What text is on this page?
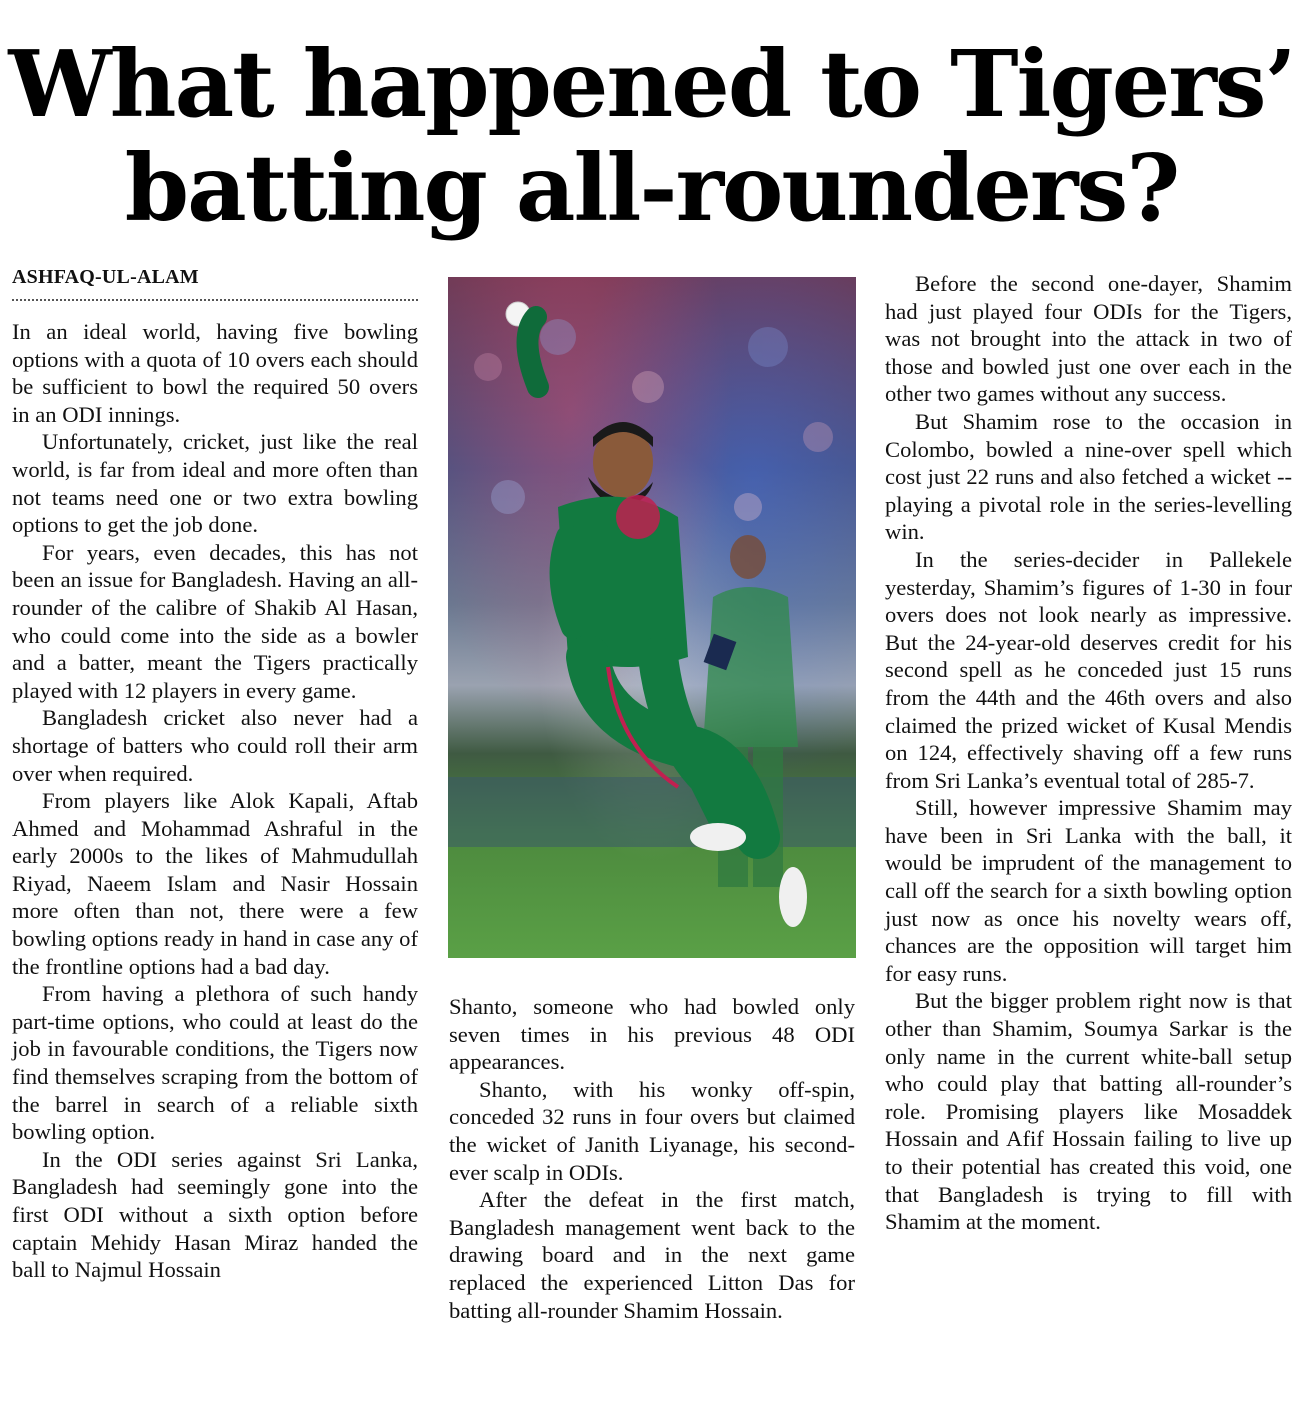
What happened to Tigers’
batting all-rounders?
ASHFAQ-UL-ALAM

In an ideal world, having five bowling options with a quota of 10 overs each should be sufficient to bowl the required 50 overs in an ODI innings.

Unfortunately, cricket, just like the real world, is far from ideal and more often than not teams need one or two extra bowling options to get the job done.

For years, even decades, this has not been an issue for Bangladesh. Having an all-rounder of the calibre of Shakib Al Hasan, who could come into the side as a bowler and a batter, meant the Tigers practically played with 12 players in every game.

Bangladesh cricket also never had a shortage of batters who could roll their arm over when required.

From players like Alok Kapali, Aftab Ahmed and Mohammad Ashraful in the early 2000s to the likes of Mahmudullah Riyad, Naeem Islam and Nasir Hossain more often than not, there were a few bowling options ready in hand in case any of the frontline options had a bad day.

From having a plethora of such handy part-time options, who could at least do the job in favourable conditions, the Tigers now find themselves scraping from the bottom of the barrel in search of a reliable sixth bowling option.

In the ODI series against Sri Lanka, Bangladesh had seemingly gone into the first ODI without a sixth option before captain Mehidy Hasan Miraz handed the ball to Najmul Hossain

Shanto, someone who had bowled only seven times in his previous 48 ODI appearances.

Shanto, with his wonky off-spin, conceded 32 runs in four overs but claimed the wicket of Janith Liyanage, his second-ever scalp in ODIs.

After the defeat in the first match, Bangladesh management went back to the drawing board and in the next game replaced the experienced Litton Das for batting all-rounder Shamim Hossain.

Before the second one-dayer, Shamim had just played four ODIs for the Tigers, was not brought into the attack in two of those and bowled just one over each in the other two games without any success.

But Shamim rose to the occasion in Colombo, bowled a nine-over spell which cost just 22 runs and also fetched a wicket -- playing a pivotal role in the series-levelling win.

In the series-decider in Pallekele yesterday, Shamim’s figures of 1-30 in four overs does not look nearly as impressive. But the 24-year-old deserves credit for his second spell as he conceded just 15 runs from the 44th and the 46th overs and also claimed the prized wicket of Kusal Mendis on 124, effectively shaving off a few runs from Sri Lanka’s eventual total of 285-7.

Still, however impressive Shamim may have been in Sri Lanka with the ball, it would be imprudent of the management to call off the search for a sixth bowling option just now as once his novelty wears off, chances are the opposition will target him for easy runs.

But the bigger problem right now is that other than Shamim, Soumya Sarkar is the only name in the current white-ball setup who could play that batting all-rounder’s role. Promising players like Mosaddek Hossain and Afif Hossain failing to live up to their potential has created this void, one that Bangladesh is trying to fill with Shamim at the moment.
